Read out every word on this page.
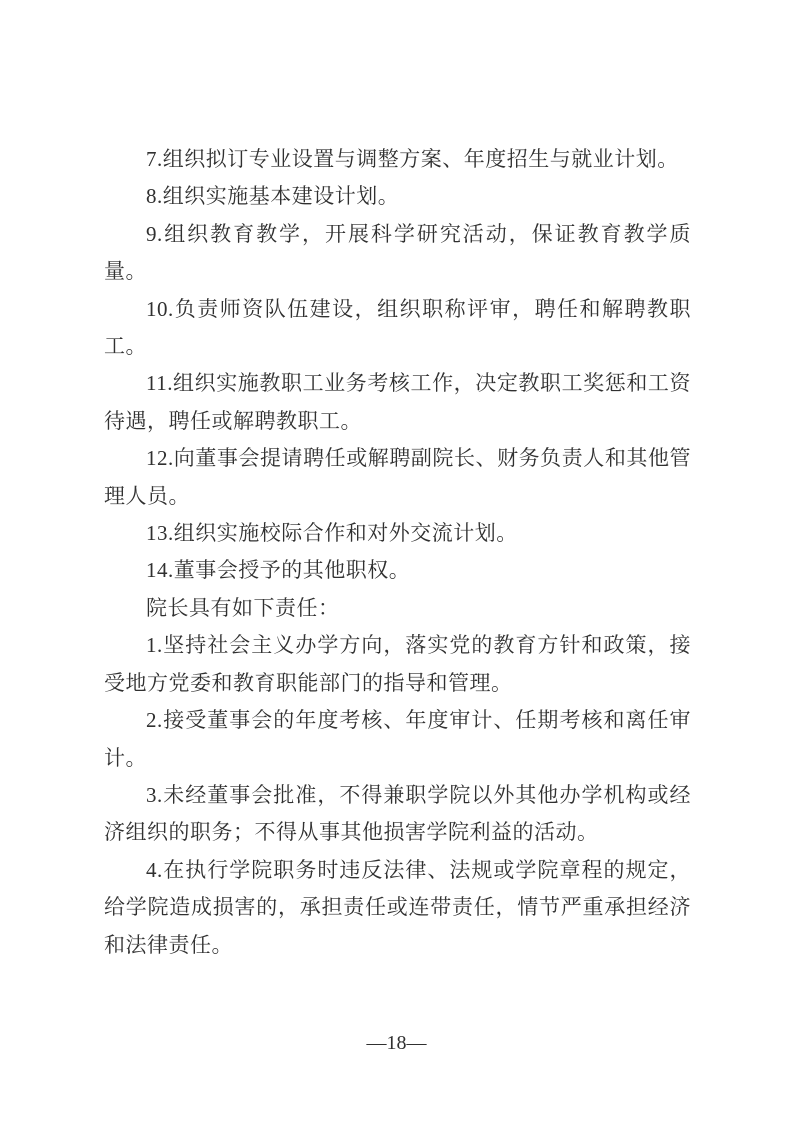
7.组织拟订专业设置与调整方案、年度招生与就业计划。

8.组织实施基本建设计划。

9.组织教育教学，开展科学研究活动，保证教育教学质量。

10.负责师资队伍建设，组织职称评审，聘任和解聘教职工。

11.组织实施教职工业务考核工作，决定教职工奖惩和工资待遇，聘任或解聘教职工。

12.向董事会提请聘任或解聘副院长、财务负责人和其他管理人员。

13.组织实施校际合作和对外交流计划。

14.董事会授予的其他职权。

院长具有如下责任：

1.坚持社会主义办学方向，落实党的教育方针和政策，接受地方党委和教育职能部门的指导和管理。

2.接受董事会的年度考核、年度审计、任期考核和离任审计。

3.未经董事会批准，不得兼职学院以外其他办学机构或经济组织的职务；不得从事其他损害学院利益的活动。

4.在执行学院职务时违反法律、法规或学院章程的规定，给学院造成损害的，承担责任或连带责任，情节严重承担经济和法律责任。

—18—
